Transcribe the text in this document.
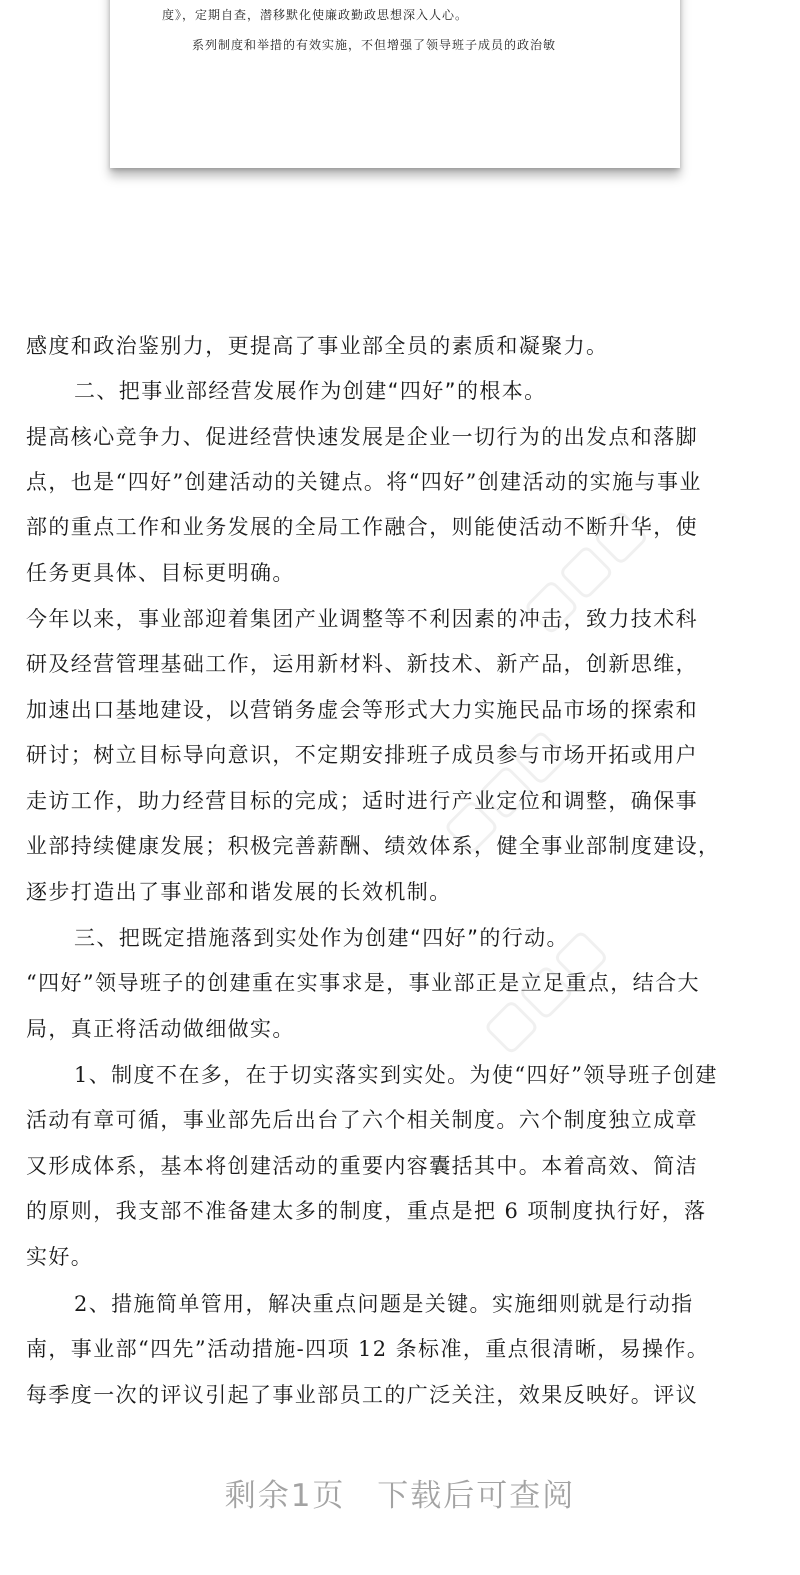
度》，定期自查，潜移默化使廉政勤政思想深入人心。
系列制度和举措的有效实施，不但增强了领导班子成员的政治敏
感度和政治鉴别力，更提高了事业部全员的素质和凝聚力。
二、把事业部经营发展作为创建“四好”的根本。
提高核心竞争力、促进经营快速发展是企业一切行为的出发点和落脚
点，也是“四好”创建活动的关键点。将“四好”创建活动的实施与事业
部的重点工作和业务发展的全局工作融合，则能使活动不断升华，使
任务更具体、目标更明确。
今年以来，事业部迎着集团产业调整等不利因素的冲击，致力技术科
研及经营管理基础工作，运用新材料、新技术、新产品，创新思维，
加速出口基地建设，以营销务虚会等形式大力实施民品市场的探索和
研讨；树立目标导向意识，不定期安排班子成员参与市场开拓或用户
走访工作，助力经营目标的完成；适时进行产业定位和调整，确保事
业部持续健康发展；积极完善薪酬、绩效体系，健全事业部制度建设，
逐步打造出了事业部和谐发展的长效机制。
三、把既定措施落到实处作为创建“四好”的行动。
“四好”领导班子的创建重在实事求是，事业部正是立足重点，结合大
局，真正将活动做细做实。
1、制度不在多，在于切实落实到实处。为使“四好”领导班子创建
活动有章可循，事业部先后出台了六个相关制度。六个制度独立成章
又形成体系，基本将创建活动的重要内容囊括其中。本着高效、简洁
的原则，我支部不准备建太多的制度，重点是把 6 项制度执行好，落
实好。
2、措施简单管用，解决重点问题是关键。实施细则就是行动指
南，事业部“四先”活动措施-四项 12 条标准，重点很清晰，易操作。
每季度一次的评议引起了事业部员工的广泛关注，效果反映好。评议
▢▢▢
▢▢▢
▢▢▢
剩余1页 下载后可查阅
